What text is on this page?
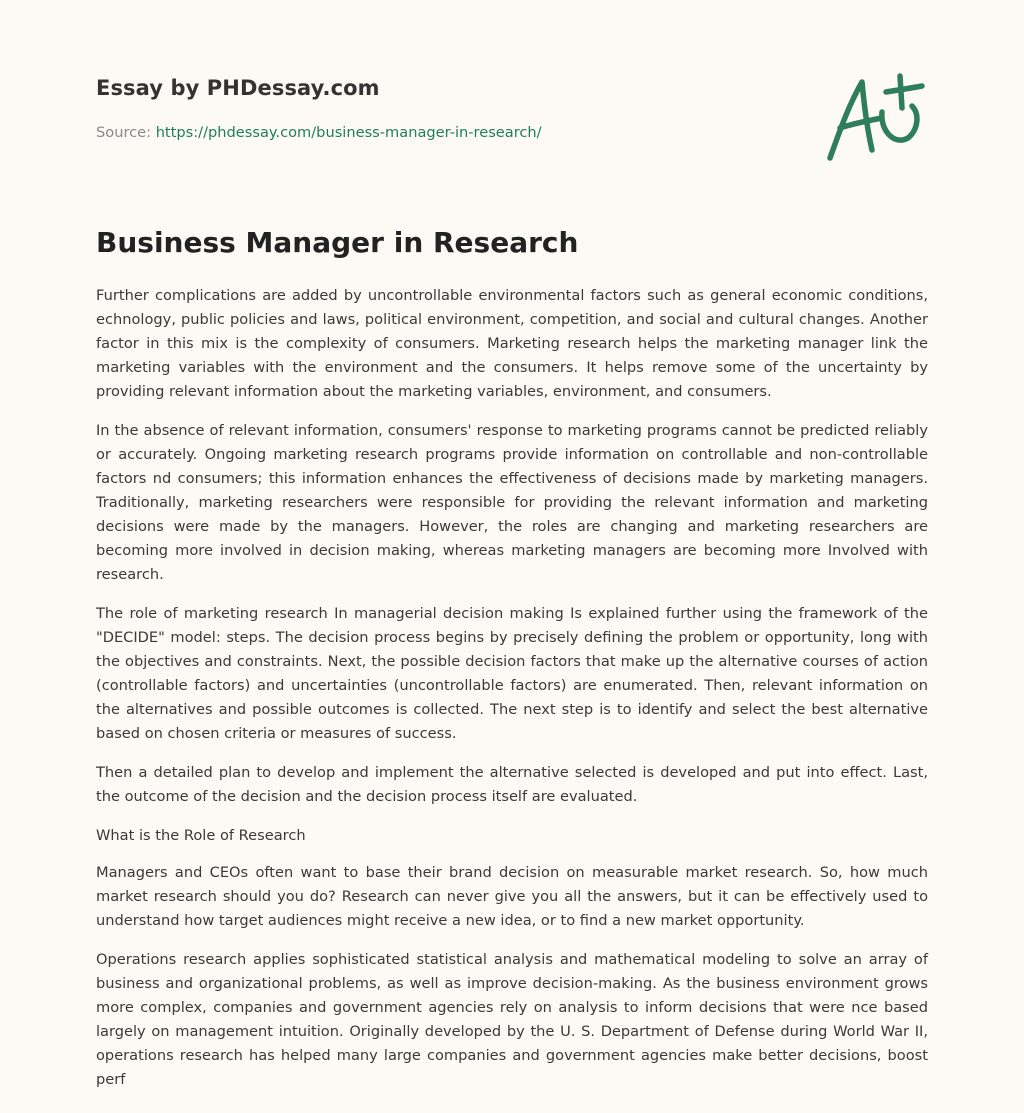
Essay by PHDessay.com
Source: https://phdessay.com/business-manager-in-research/
Business Manager in Research

Further complications are added by uncontrollable environmental factors such as general economic conditions, echnology, public policies and laws, political environment, competition, and social and cultural changes. Another factor in this mix is the complexity of consumers. Marketing research helps the marketing manager link the marketing variables with the environment and the consumers. It helps remove some of the uncertainty by providing relevant information about the marketing variables, environment, and consumers.

In the absence of relevant information, consumers' response to marketing programs cannot be predicted reliably or accurately. Ongoing marketing research programs provide information on controllable and non-controllable factors nd consumers; this information enhances the effectiveness of decisions made by marketing managers. Traditionally, marketing researchers were responsible for providing the relevant information and marketing decisions were made by the managers. However, the roles are changing and marketing researchers are becoming more involved in decision making, whereas marketing managers are becoming more Involved with research.

The role of marketing research In managerial decision making Is explained further using the framework of the "DECIDE" model: steps. The decision process begins by precisely defining the problem or opportunity, long with the objectives and constraints. Next, the possible decision factors that make up the alternative courses of action (controllable factors) and uncertainties (uncontrollable factors) are enumerated. Then, relevant information on the alternatives and possible outcomes is collected. The next step is to identify and select the best alternative based on chosen criteria or measures of success.

Then a detailed plan to develop and implement the alternative selected is developed and put into effect. Last, the outcome of the decision and the decision process itself are evaluated.

What is the Role of Research

Managers and CEOs often want to base their brand decision on measurable market research. So, how much market research should you do? Research can never give you all the answers, but it can be effectively used to understand how target audiences might receive a new idea, or to find a new market opportunity.

Operations research applies sophisticated statistical analysis and mathematical modeling to solve an array of business and organizational problems, as well as improve decision-making. As the business environment grows more complex, companies and government agencies rely on analysis to inform decisions that were nce based largely on management intuition. Originally developed by the U. S. Department of Defense during World War II, operations research has helped many large companies and government agencies make better decisions, boost perf
